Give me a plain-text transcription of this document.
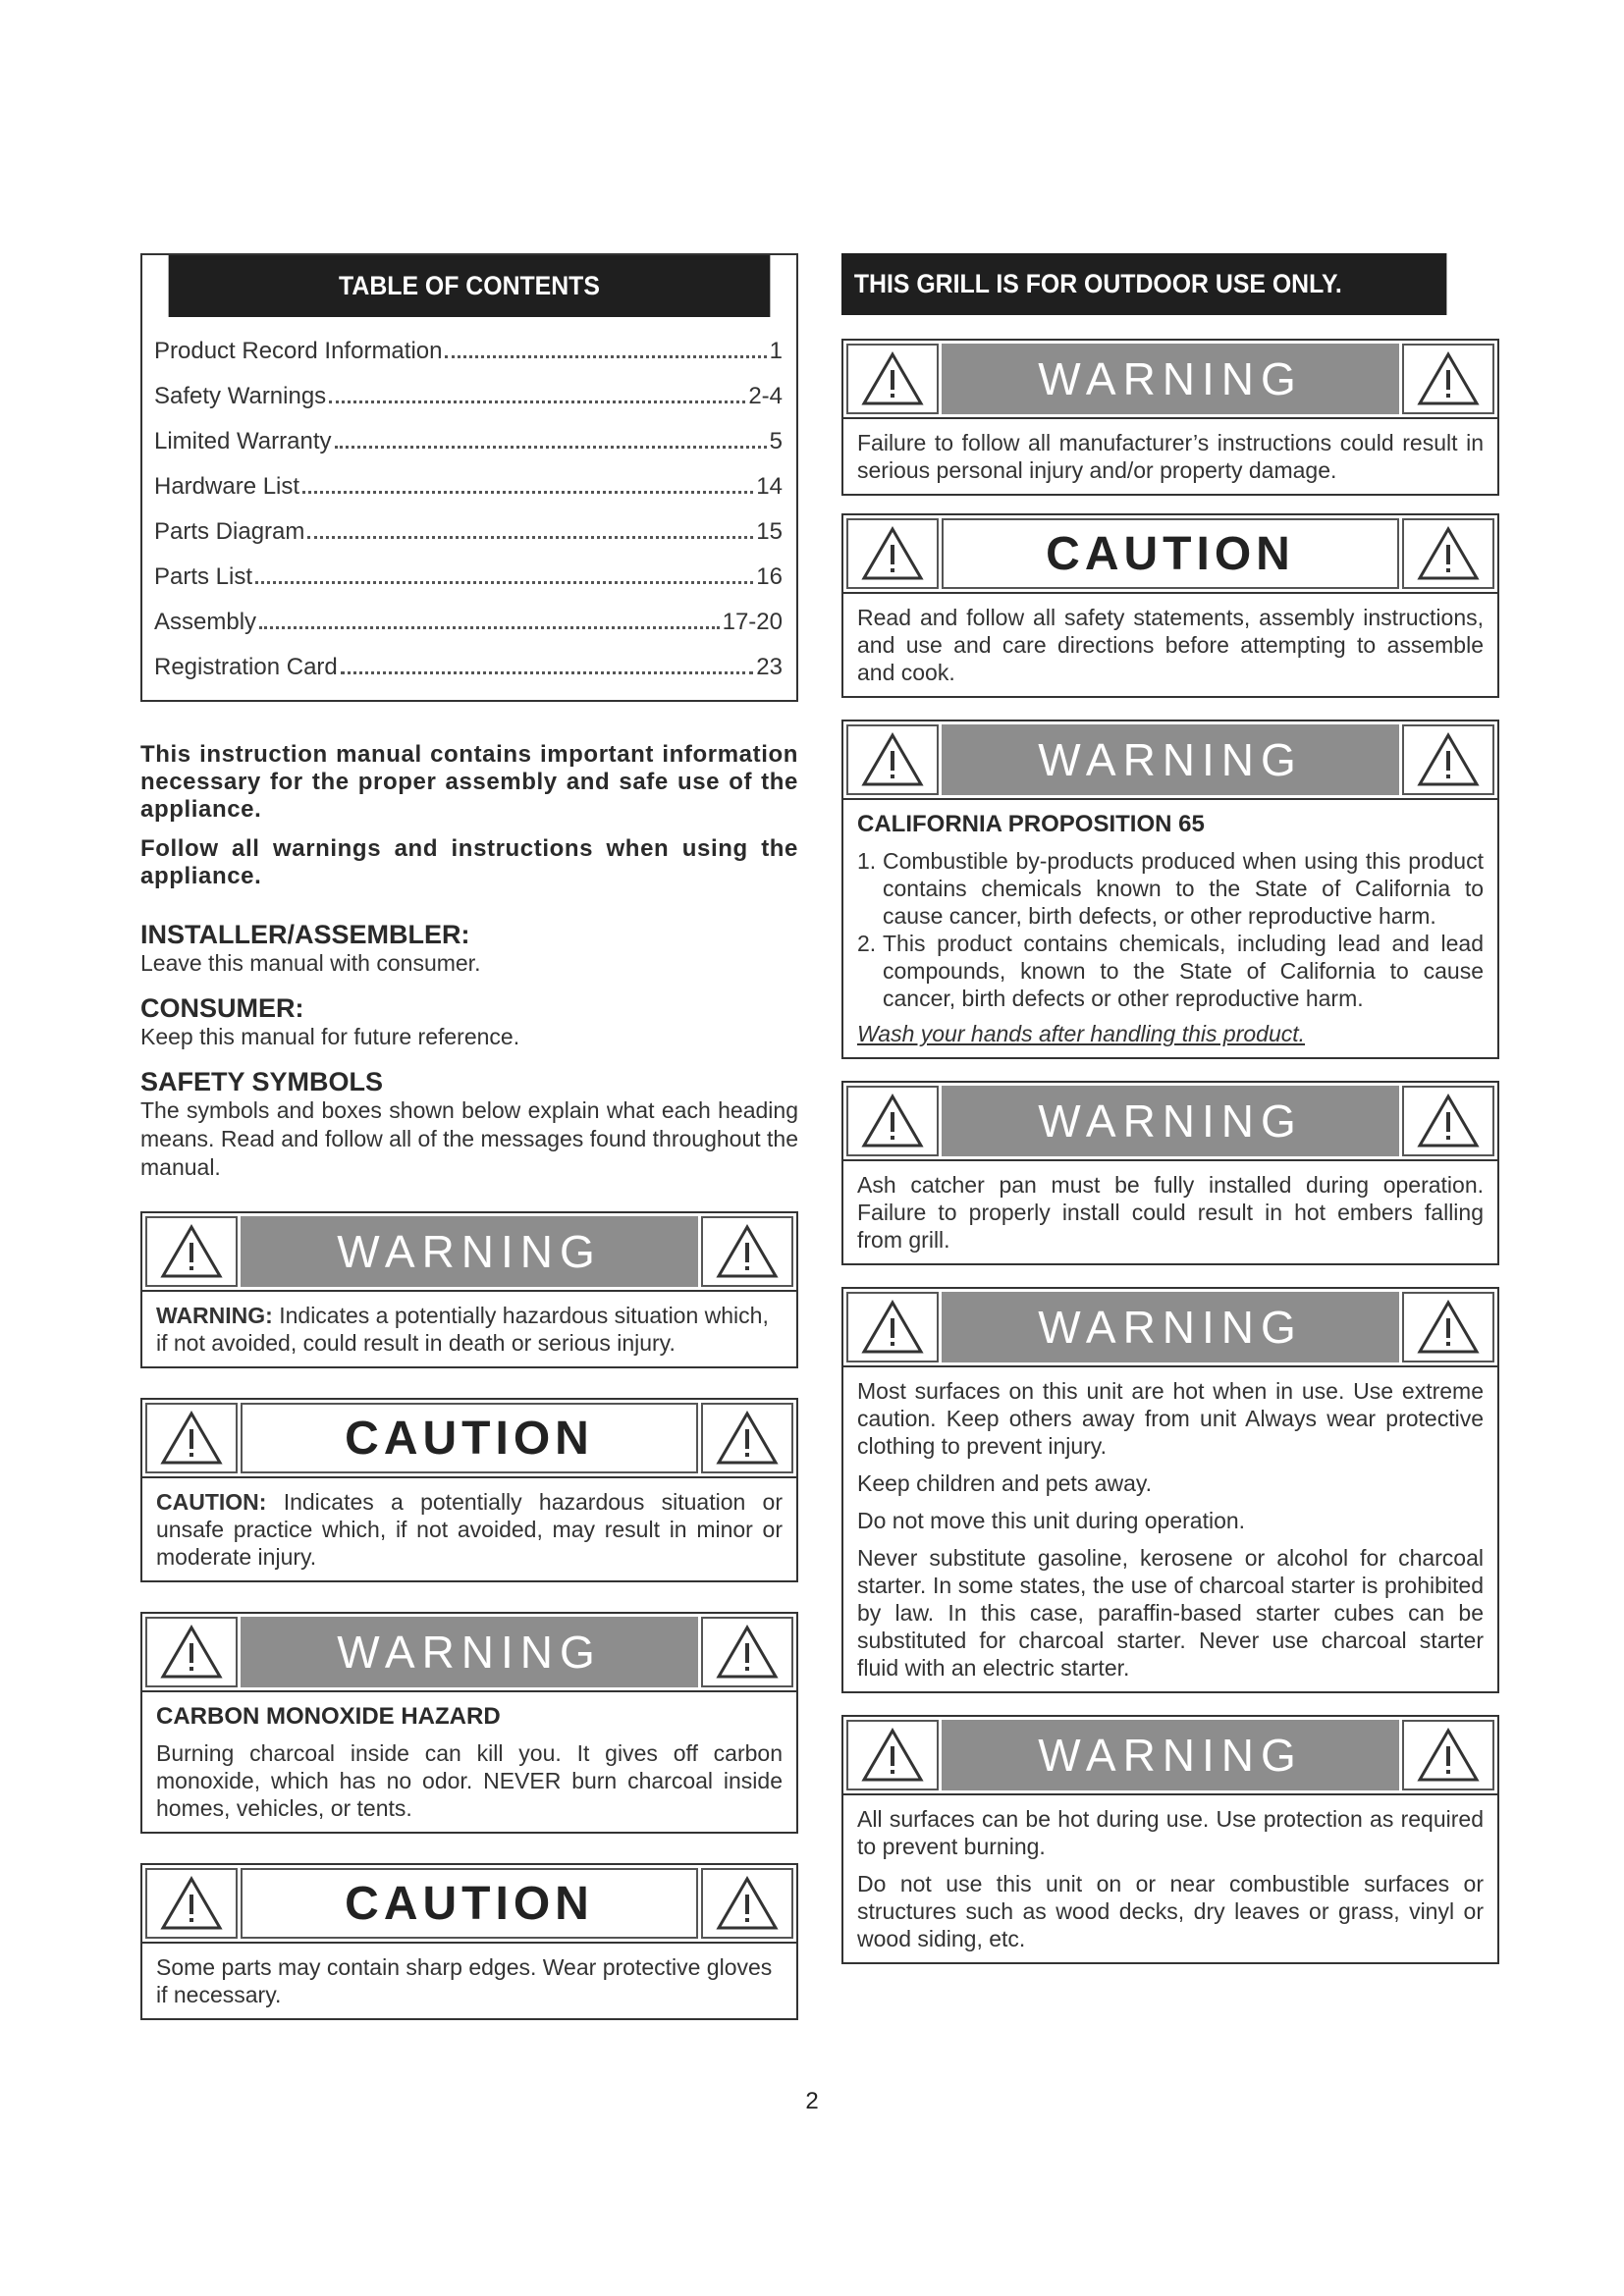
TABLE OF CONTENTS
Product Record Information	1
Safety Warnings	2-4
Limited Warranty	5
Hardware List	14
Parts Diagram	15
Parts List	16
Assembly	17-20
Registration Card	23
This instruction manual contains important information necessary for the proper assembly and safe use of the appliance.
Follow all warnings and instructions when using the appliance.
INSTALLER/ASSEMBLER:
Leave this manual with consumer.
CONSUMER:
Keep this manual for future reference.
SAFETY SYMBOLS
The symbols and boxes shown below explain what each heading means. Read and follow all of the messages found throughout the manual.
WARNING
WARNING: Indicates a potentially hazardous situation which, if not avoided, could result in death or serious injury.
CAUTION
CAUTION: Indicates a potentially hazardous situation or unsafe practice which, if not avoided, may result in minor or moderate injury.
WARNING
CARBON MONOXIDE HAZARD

Burning charcoal inside can kill you. It gives off carbon monoxide, which has no odor. NEVER burn charcoal inside homes, vehicles, or tents.

CAUTION

Some parts may contain sharp edges. Wear protective gloves if necessary.

THIS GRILL IS FOR OUTDOOR USE ONLY.
WARNING

Failure to follow all manufacturer’s instructions could result in serious personal injury and/or property damage.

CAUTION

Read and follow all safety statements, assembly instructions, and use and care directions before attempting to assemble and cook.

WARNING
CALIFORNIA PROPOSITION 65
1. Combustible by-products produced when using this product contains chemicals known to the State of California to cause cancer, birth defects, or other reproductive harm.
2. This product contains chemicals, including lead and lead compounds, known to the State of California to cause cancer, birth defects or other reproductive harm.
Wash your hands after handling this product.
WARNING

Ash catcher pan must be fully installed during operation. Failure to properly install could result in hot embers falling from grill.

WARNING

Most surfaces on this unit are hot when in use. Use extreme caution. Keep others away from unit Always wear protective clothing to prevent injury.

Keep children and pets away.

Do not move this unit during operation.

Never substitute gasoline, kerosene or alcohol for charcoal starter. In some states, the use of charcoal starter is prohibited by law. In this case, paraffin-based starter cubes can be substituted for charcoal starter. Never use charcoal starter fluid with an electric starter.

WARNING

All surfaces can be hot during use. Use protection as required to prevent burning.

Do not use this unit on or near combustible surfaces or structures such as wood decks, dry leaves or grass, vinyl or wood siding, etc.

2
